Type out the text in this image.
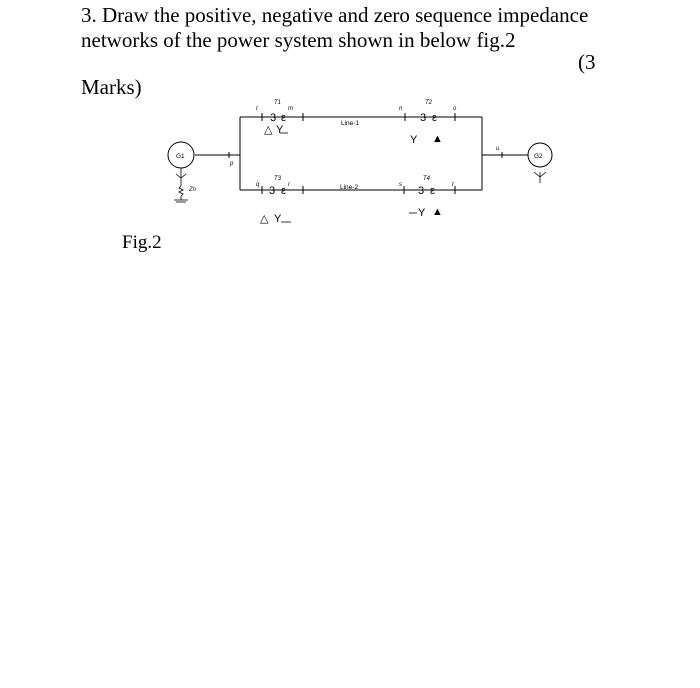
3. Draw the positive, negative and zero sequence impedance
networks of the power system shown in below fig.2
(3
Marks)
p
l	m	n	o
q	r	s	t
u
G1
Zn
G2
T1
3 ε
△ Y
T2
3 ε
Y ▲
T3
3 ε
△ Y
T4
3 ε
Y ▲
Line-1
Line-2
Fig.2
